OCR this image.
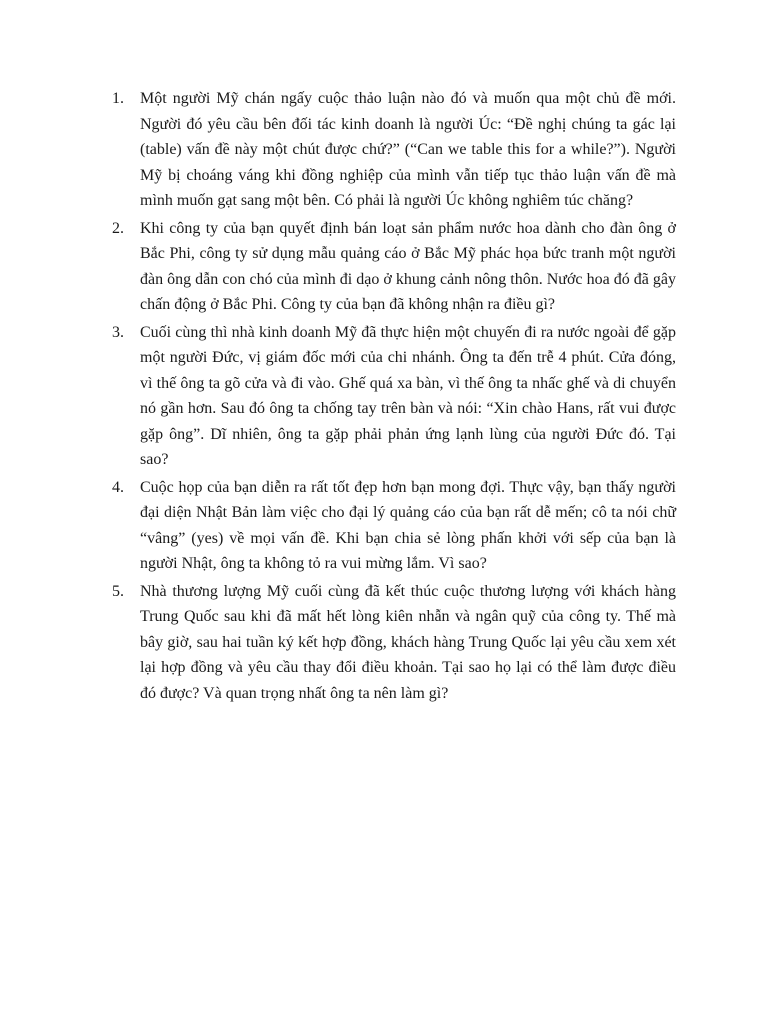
1. Một người Mỹ chán ngấy cuộc thảo luận nào đó và muốn qua một chủ đề mới. Người đó yêu cầu bên đối tác kinh doanh là người Úc: “Đề nghị chúng ta gác lại (table) vấn đề này một chút được chứ?” (“Can we table this for a while?”). Người Mỹ bị choáng váng khi đồng nghiệp của mình vẫn tiếp tục thảo luận vấn đề mà mình muốn gạt sang một bên. Có phải là người Úc không nghiêm túc chăng?
2. Khi công ty của bạn quyết định bán loạt sản phẩm nước hoa dành cho đàn ông ở Bắc Phi, công ty sử dụng mẫu quảng cáo ở Bắc Mỹ phác họa bức tranh một người đàn ông dẫn con chó của mình đi dạo ở khung cảnh nông thôn. Nước hoa đó đã gây chấn động ở Bắc Phi. Công ty của bạn đã không nhận ra điều gì?
3. Cuối cùng thì nhà kinh doanh Mỹ đã thực hiện một chuyến đi ra nước ngoài để gặp một người Đức, vị giám đốc mới của chi nhánh. Ông ta đến trễ 4 phút. Cửa đóng, vì thế ông ta gõ cửa và đi vào. Ghế quá xa bàn, vì thế ông ta nhấc ghế và di chuyển nó gần hơn. Sau đó ông ta chống tay trên bàn và nói: “Xin chào Hans, rất vui được gặp ông”. Dĩ nhiên, ông ta gặp phải phản ứng lạnh lùng của người Đức đó. Tại sao?
4. Cuộc họp của bạn diễn ra rất tốt đẹp hơn bạn mong đợi. Thực vậy, bạn thấy người đại diện Nhật Bản làm việc cho đại lý quảng cáo của bạn rất dễ mến; cô ta nói chữ “vâng” (yes) về mọi vấn đề. Khi bạn chia sẻ lòng phấn khởi với sếp của bạn là người Nhật, ông ta không tỏ ra vui mừng lắm. Vì sao?
5. Nhà thương lượng Mỹ cuối cùng đã kết thúc cuộc thương lượng với khách hàng Trung Quốc sau khi đã mất hết lòng kiên nhẫn và ngân quỹ của công ty. Thế mà bây giờ, sau hai tuần ký kết hợp đồng, khách hàng Trung Quốc lại yêu cầu xem xét lại hợp đồng và yêu cầu thay đổi điều khoản. Tại sao họ lại có thể làm được điều đó được? Và quan trọng nhất ông ta nên làm gì?
